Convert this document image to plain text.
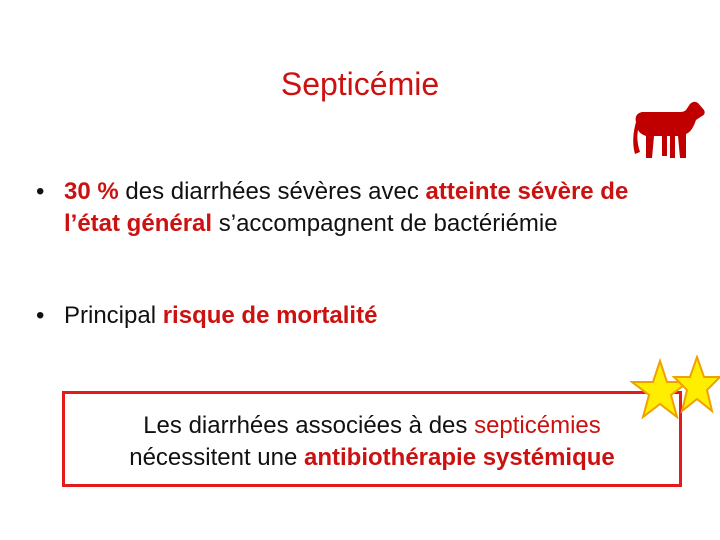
Septicémie
• 30 % des diarrhées sévères avec atteinte sévère de l’état général s’accompagnent de bactériémie
• Principal risque de mortalité
Les diarrhées associées à des septicémies
nécessitent une antibiothérapie systémique
